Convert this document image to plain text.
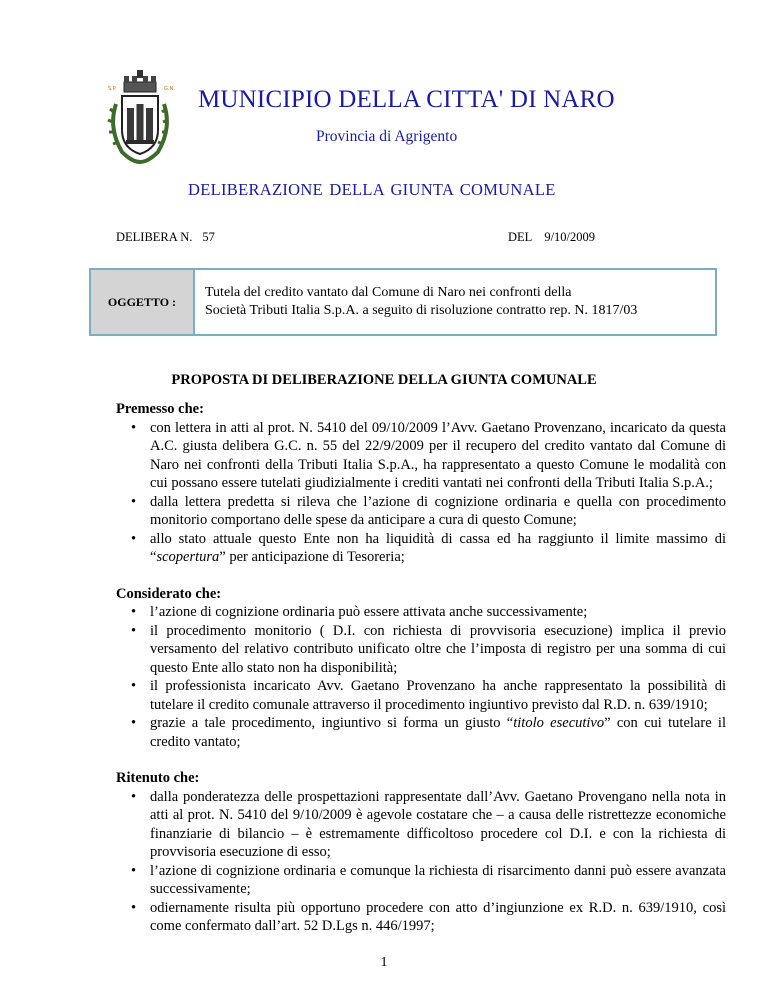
S.P.	G.N. MUNICIPIO DELLA CITTA' DI NARO
Provincia di Agrigento
DELIBERAZIONE DELLA GIUNTA COMUNALE
DELIBERA N. 57	DEL 9/10/2009
OGGETTO :
Tutela del credito vantato dal Comune di Naro nei confronti della
Società Tributi Italia S.p.A. a seguito di risoluzione contratto rep. N. 1817/03
PROPOSTA DI DELIBERAZIONE DELLA GIUNTA COMUNALE

Premesso che:

• con lettera in atti al prot. N. 5410 del 09/10/2009 l’Avv. Gaetano Provenzano, incaricato da questa A.C. giusta delibera G.C. n. 55 del 22/9/2009 per il recupero del credito vantato dal Comune di Naro nei confronti della Tributi Italia S.p.A., ha rappresentato a questo Comune le modalità con cui possano essere tutelati giudizialmente i crediti vantati nei confronti della Tributi Italia S.p.A.;
• dalla lettera predetta si rileva che l’azione di cognizione ordinaria e quella con procedimento monitorio comportano delle spese da anticipare a cura di questo Comune;
• allo stato attuale questo Ente non ha liquidità di cassa ed ha raggiunto il limite massimo di “scopertura” per anticipazione di Tesoreria;

Considerato che:

• l’azione di cognizione ordinaria può essere attivata anche successivamente;
• il procedimento monitorio ( D.I. con richiesta di provvisoria esecuzione) implica il previo versamento del relativo contributo unificato oltre che l’imposta di registro per una somma di cui questo Ente allo stato non ha disponibilità;
• il professionista incaricato Avv. Gaetano Provenzano ha anche rappresentato la possibilità di tutelare il credito comunale attraverso il procedimento ingiuntivo previsto dal R.D. n. 639/1910;
• grazie a tale procedimento, ingiuntivo si forma un giusto “titolo esecutivo” con cui tutelare il credito vantato;

Ritenuto che:

• dalla ponderatezza delle prospettazioni rappresentate dall’Avv. Gaetano Provengano nella nota in atti al prot. N. 5410 del 9/10/2009 è agevole costatare che – a causa delle ristrettezze economiche finanziarie di bilancio – è estremamente difficoltoso procedere col D.I. e con la richiesta di provvisoria esecuzione di esso;
• l’azione di cognizione ordinaria e comunque la richiesta di risarcimento danni può essere avanzata successivamente;
• odiernamente risulta più opportuno procedere con atto d’ingiunzione ex R.D. n. 639/1910, così come confermato dall’art. 52 D.Lgs n. 446/1997;
1
